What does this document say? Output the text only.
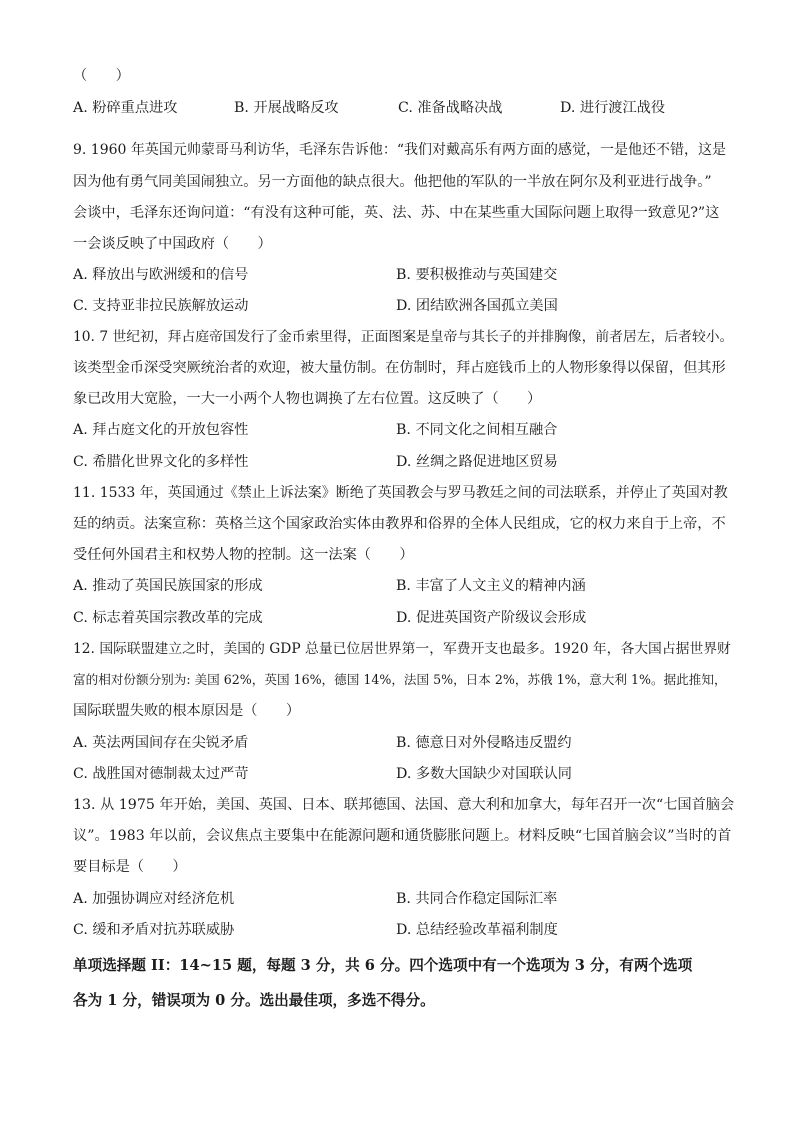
（　　）
A. 粉碎重点进攻	B. 开展战略反攻	C. 准备战略决战	D. 进行渡江战役
9. 1960 年英国元帅蒙哥马利访华，毛泽东告诉他：“我们对戴高乐有两方面的感觉，一是他还不错，这是
因为他有勇气同美国闹独立。另一方面他的缺点很大。他把他的军队的一半放在阿尔及利亚进行战争。”
会谈中，毛泽东还询问道：“有没有这种可能，英、法、苏、中在某些重大国际问题上取得一致意见?”这
一会谈反映了中国政府（　　）
A. 释放出与欧洲缓和的信号	B. 要积极推动与英国建交
C. 支持亚非拉民族解放运动	D. 团结欧洲各国孤立美国
10. 7 世纪初，拜占庭帝国发行了金币索里得，正面图案是皇帝与其长子的并排胸像，前者居左，后者较小。
该类型金币深受突厥统治者的欢迎，被大量仿制。在仿制时，拜占庭钱币上的人物形象得以保留，但其形
象已改用大宽脸，一大一小两个人物也调换了左右位置。这反映了（　　）
A. 拜占庭文化的开放包容性	B. 不同文化之间相互融合
C. 希腊化世界文化的多样性	D. 丝绸之路促进地区贸易
11. 1533 年，英国通过《禁止上诉法案》断绝了英国教会与罗马教廷之间的司法联系，并停止了英国对教
廷的纳贡。法案宣称：英格兰这个国家政治实体由教界和俗界的全体人民组成，它的权力来自于上帝，不
受任何外国君主和权势人物的控制。这一法案（　　）
A. 推动了英国民族国家的形成	B. 丰富了人文主义的精神内涵
C. 标志着英国宗教改革的完成	D. 促进英国资产阶级议会形成
12. 国际联盟建立之时，美国的 GDP 总量已位居世界第一，军费开支也最多。1920 年，各大国占据世界财
富的相对份额分别为: 美国 62%，英国 16%，德国 14%，法国 5%，日本 2%，苏俄 1%，意大利 1%。据此推知，
国际联盟失败的根本原因是（　　）
A. 英法两国间存在尖锐矛盾	B. 德意日对外侵略违反盟约
C. 战胜国对德制裁太过严苛	D. 多数大国缺少对国联认同
13. 从 1975 年开始，美国、英国、日本、联邦德国、法国、意大利和加拿大，每年召开一次“七国首脑会
议”。1983 年以前，会议焦点主要集中在能源问题和通货膨胀问题上。材料反映“七国首脑会议”当时的首
要目标是（　　）
A. 加强协调应对经济危机	B. 共同合作稳定国际汇率
C. 缓和矛盾对抗苏联威胁	D. 总结经验改革福利制度
单项选择题 II：14~15 题，每题 3 分，共 6 分。四个选项中有一个选项为 3 分，有两个选项
各为 1 分，错误项为 0 分。选出最佳项，多选不得分。
